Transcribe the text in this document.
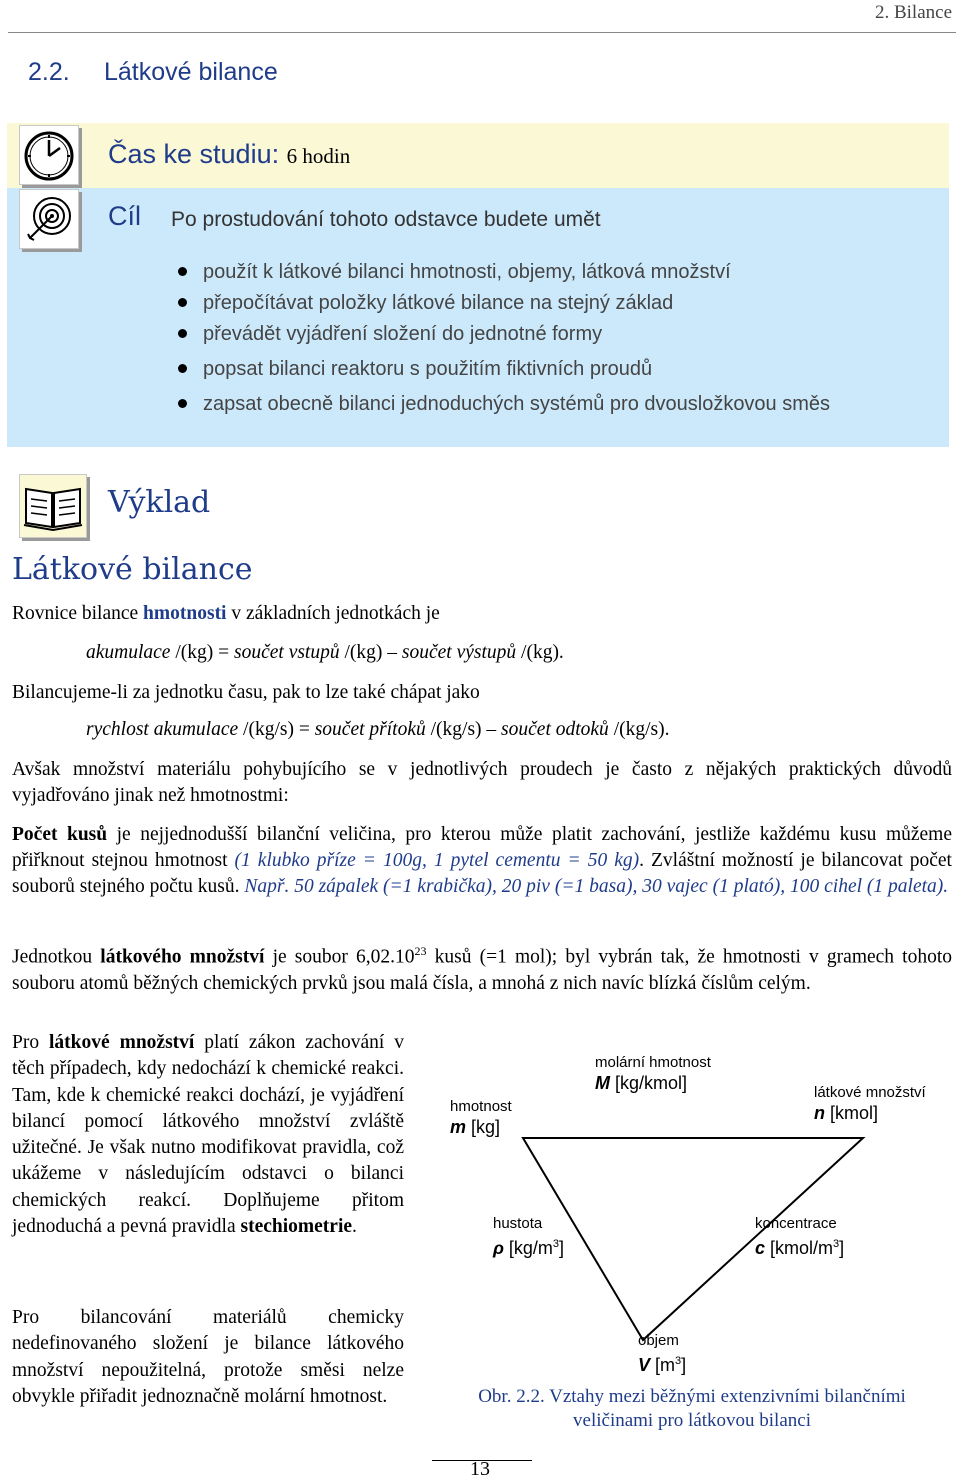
2. Bilance
2.2. Látkové bilance
Čas ke studiu: 6 hodin
Cíl Po prostudování tohoto odstavce budete umět
použít k látkové bilanci hmotnosti, objemy, látková množství
přepočítávat položky látkové bilance na stejný základ
převádět vyjádření složení do jednotné formy
popsat bilanci reaktoru s použitím fiktivních proudů
zapsat obecně bilanci jednoduchých systémů pro dvousložkovou směs
Výklad
Látkové bilance
Rovnice bilance hmotnosti v základních jednotkách je
akumulace /(kg) = součet vstupů /(kg) – součet výstupů /(kg).
Bilancujeme-li za jednotku času, pak to lze také chápat jako
rychlost akumulace /(kg/s) = součet přítoků /(kg/s) – součet odtoků /(kg/s).
Avšak množství materiálu pohybujícího se v jednotlivých proudech je často z nějakých praktických důvodů vyjadřováno jinak než hmotnostmi:
Počet kusů je nejjednodušší bilanční veličina, pro kterou může platit zachování, jestliže každému kusu můžeme přiřknout stejnou hmotnost (1 klubko příze = 100g, 1 pytel cementu = 50 kg). Zvláštní možností je bilancovat počet souborů stejného počtu kusů. Např. 50 zápalek (=1 krabička), 20 piv (=1 basa), 30 vajec (1 plató), 100 cihel (1 paleta).
Jednotkou látkového množství je soubor 6,02.10$^{23}$ kusů (=1 mol); byl vybrán tak, že hmotnosti v gramech tohoto souboru atomů běžných chemických prvků jsou malá čísla, a mnohá z nich navíc blízká číslům celým.
Pro látkové množství platí zákon zachování v těch případech, kdy nedochází k chemické reakci. Tam, kde k chemické reakci dochází, je vyjádření bilancí pomocí látkového množství zvláště užitečné. Je však nutno modifikovat pravidla, což ukážeme v následujícím odstavci o bilanci chemických reakcí. Doplňujeme přitom jednoduchá a pevná pravidla stechiometrie.
Pro bilancování materiálů chemicky nedefinovaného složení je bilance látkového množství nepoužitelná, protože směsi nelze obvykle přiřadit jednoznačně molární hmotnost.
molární hmotnost
M [kg/kmol]
hmotnost
m [kg]
látkové množství
n [kmol]
hustota
ρ $[kg/m^3]$
koncentrace
c $[kmol/m^3]$
objem
V $[m^3]$
Obr. 2.2. Vztahy mezi běžnými extenzivními bilančními
veličinami pro látkovou bilanci
13
